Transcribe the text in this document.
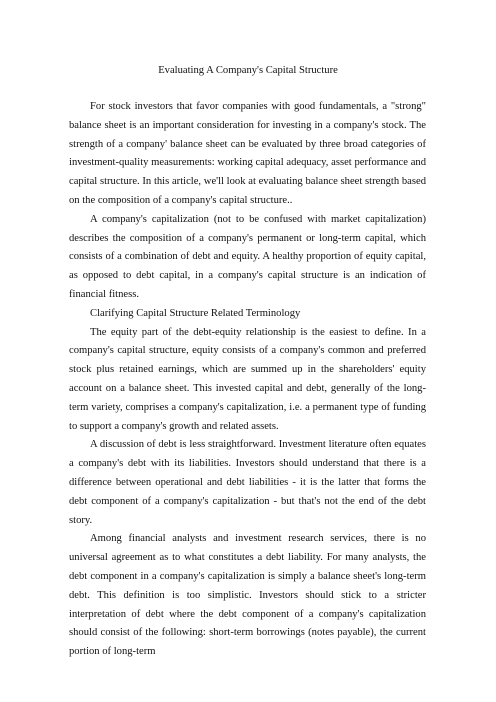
Evaluating A Company's Capital Structure

For stock investors that favor companies with good fundamentals, a "strong" balance sheet is an important consideration for investing in a company's stock. The strength of a company' balance sheet can be evaluated by three broad categories of investment-quality measurements: working capital adequacy, asset performance and capital structure. In this article, we'll look at evaluating balance sheet strength based on the composition of a company's capital structure..

A company's capitalization (not to be confused with market capitalization) describes the composition of a company's permanent or long-term capital, which consists of a combination of debt and equity. A healthy proportion of equity capital, as opposed to debt capital, in a company's capital structure is an indication of financial fitness.

Clarifying Capital Structure Related Terminology

The equity part of the debt-equity relationship is the easiest to define. In a company's capital structure, equity consists of a company's common and preferred stock plus retained earnings, which are summed up in the shareholders' equity account on a balance sheet. This invested capital and debt, generally of the long-term variety, comprises a company's capitalization, i.e. a permanent type of funding to support a company's growth and related assets.

A discussion of debt is less straightforward. Investment literature often equates a company's debt with its liabilities. Investors should understand that there is a difference between operational and debt liabilities - it is the latter that forms the debt component of a company's capitalization - but that's not the end of the debt story.

Among financial analysts and investment research services, there is no universal agreement as to what constitutes a debt liability. For many analysts, the debt component in a company's capitalization is simply a balance sheet's long-term debt. This definition is too simplistic. Investors should stick to a stricter interpretation of debt where the debt component of a company's capitalization should consist of the following: short-term borrowings (notes payable), the current portion of long-term
